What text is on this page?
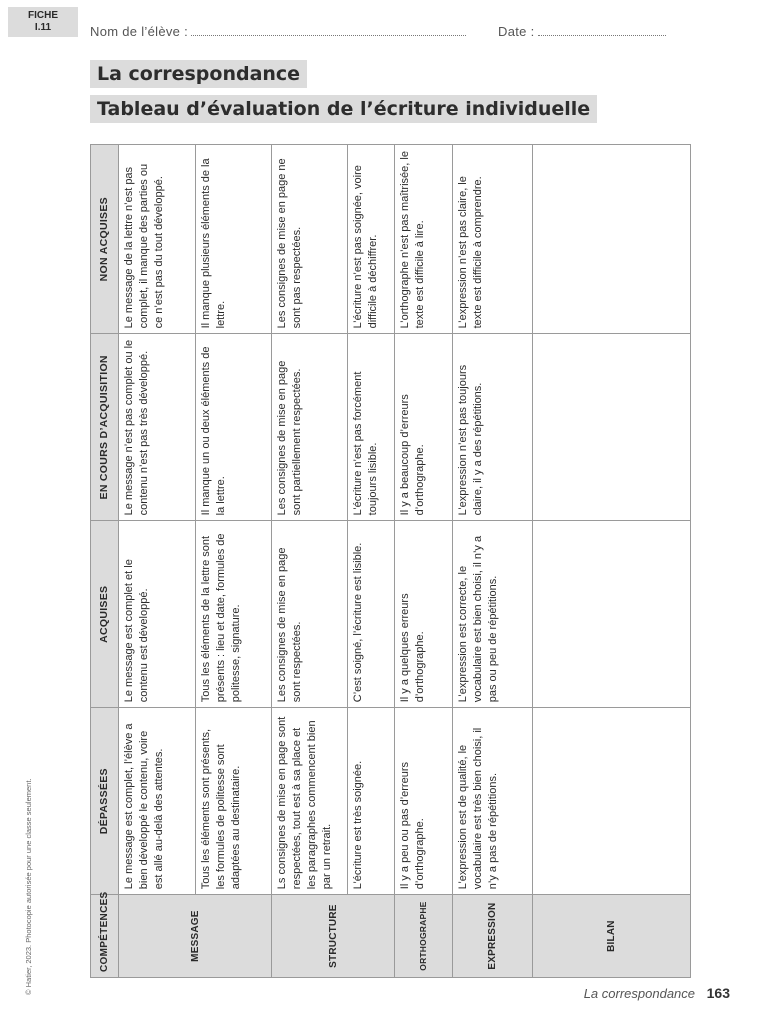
FICHE
I.11	Nom de l’élève :	Date :
La correspondance
Tableau d’évaluation de l’écriture individuelle
COMPÉTENCES	DÉPASSÉES	ACQUISES	EN COURS D’ACQUISITION	NON ACQUISES
MESSAGE	Le message est complet, l’élève a bien développé le contenu, voire est allé au-delà des attentes.	Le message est complet et le contenu est développé.	Le message n’est pas complet ou le contenu n’est pas très développé.	Le message de la lettre n’est pas complet, il manque des parties ou ce n’est pas du tout développé.
	Tous les éléments sont présents, les formules de politesse sont adaptées au destinataire.	Tous les éléments de la lettre sont présents : lieu et date, formules de politesse, signature.	Il manque un ou deux éléments de la lettre.	Il manque plusieurs éléments de la lettre.
STRUCTURE	Ls consignes de mise en page sont respectées, tout est à sa place et les paragraphes commencent bien par un retrait.	Les consignes de mise en page sont respectées.	Les consignes de mise en page sont partiellement respectées.	Les consignes de mise en page ne sont pas respectées.
	L’écriture est très soignée.	C’est soigné, l’écriture est lisible.	L’écriture n’est pas forcément toujours lisible.	L’écriture n’est pas soignée, voire difficile à déchiffrer.
ORTHOGRAPHE	Il y a peu ou pas d’erreurs d’orthographe.	Il y a quelques erreurs d’orthographe.	Il y a beaucoup d’erreurs d’orthographe.	L’orthographe n’est pas maîtrisée, le texte est difficile à lire.
EXPRESSION	L’expression est de qualité, le vocabulaire est très bien choisi, il n’y a pas de répétitions.	L’expression est correcte, le vocabulaire est bien choisi, il n’y a pas ou peu de répétitions.	L’expression n’est pas toujours claire, il y a des répétitions.	L’expression n’est pas claire, le texte est difficile à comprendre.
BILAN				
© Hatier, 2023. Photocopie autorisée pour une classe seulement.	La correspondance 163
